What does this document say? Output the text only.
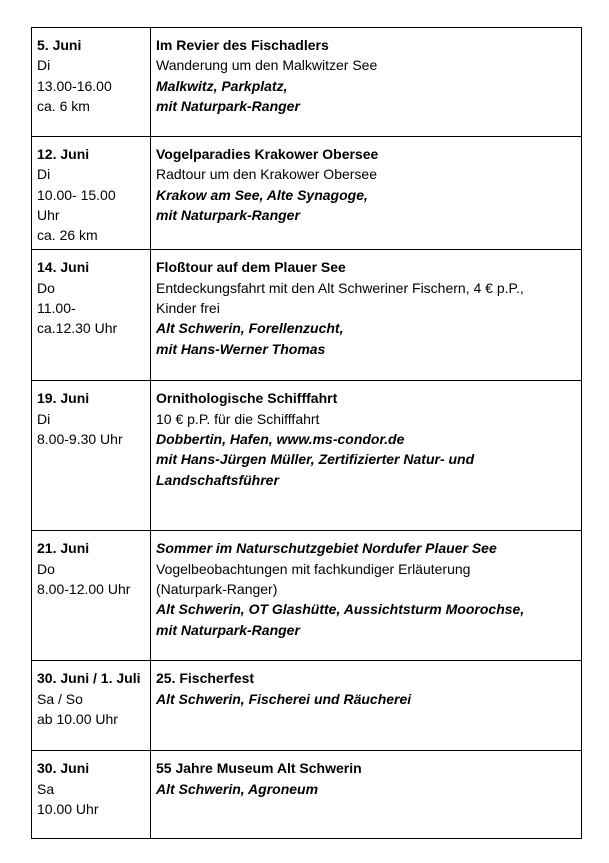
5. Juni
Di
13.00-16.00
ca. 6 km	Im Revier des Fischadlers
Wanderung um den Malkwitzer See
Malkwitz, Parkplatz,
mit Naturpark-Ranger

12. Juni
Di
10.00- 15.00
Uhr
ca. 26 km	Vogelparadies Krakower Obersee
Radtour um den Krakower Obersee
Krakow am See, Alte Synagoge,
mit Naturpark-Ranger

14. Juni
Do
11.00-
ca.12.30 Uhr	Floßtour auf dem Plauer See
Entdeckungsfahrt mit den Alt Schweriner Fischern, 4 € p.P.,
Kinder frei
Alt Schwerin, Forellenzucht,
mit Hans-Werner Thomas

19. Juni
Di
8.00-9.30 Uhr	Ornithologische Schifffahrt
10 € p.P. für die Schifffahrt
Dobbertin, Hafen, www.ms-condor.de
mit Hans-Jürgen Müller, Zertifizierter Natur- und
Landschaftsführer

21. Juni
Do
8.00-12.00 Uhr	Sommer im Naturschutzgebiet Nordufer Plauer See
Vogelbeobachtungen mit fachkundiger Erläuterung
(Naturpark-Ranger)
Alt Schwerin, OT Glashütte, Aussichtsturm Moorochse,
mit Naturpark-Ranger

30. Juni / 1. Juli
Sa / So
ab 10.00 Uhr	25. Fischerfest
Alt Schwerin, Fischerei und Räucherei

30. Juni
Sa
10.00 Uhr	55 Jahre Museum Alt Schwerin
Alt Schwerin, Agroneum
